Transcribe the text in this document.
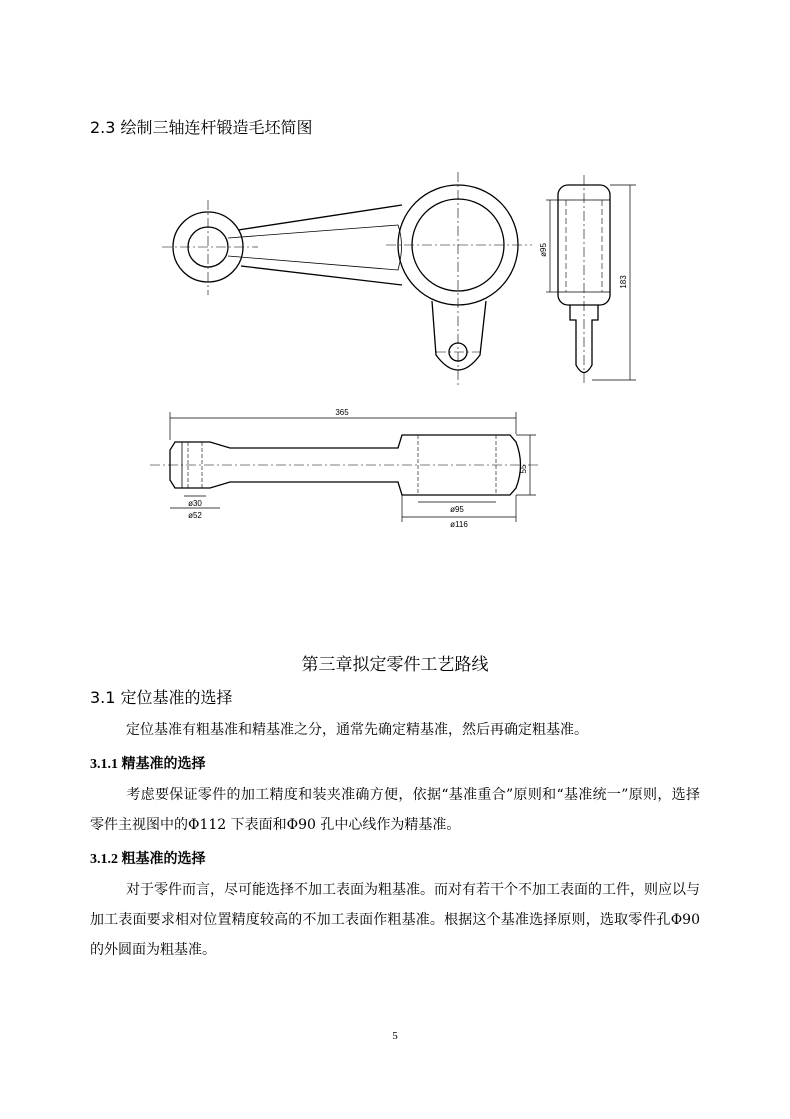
2.3 绘制三轴连杆锻造毛坯简图
365
ø30
ø52
ø95
ø116
55
ø95
183
第三章拟定零件工艺路线
3.1 定位基准的选择
定位基准有粗基准和精基准之分，通常先确定精基准，然后再确定粗基准。
3.1.1 精基准的选择
考虑要保证零件的加工精度和装夹准确方便，依据“基准重合”原则和“基准统一”原则，选择零件主视图中的Φ112 下表面和Φ90 孔中心线作为精基准。
3.1.2 粗基准的选择
对于零件而言，尽可能选择不加工表面为粗基准。而对有若干个不加工表面的工件，则应以与加工表面要求相对位置精度较高的不加工表面作粗基准。根据这个基准选择原则，选取零件孔Φ90 的外圆面为粗基准。
5
